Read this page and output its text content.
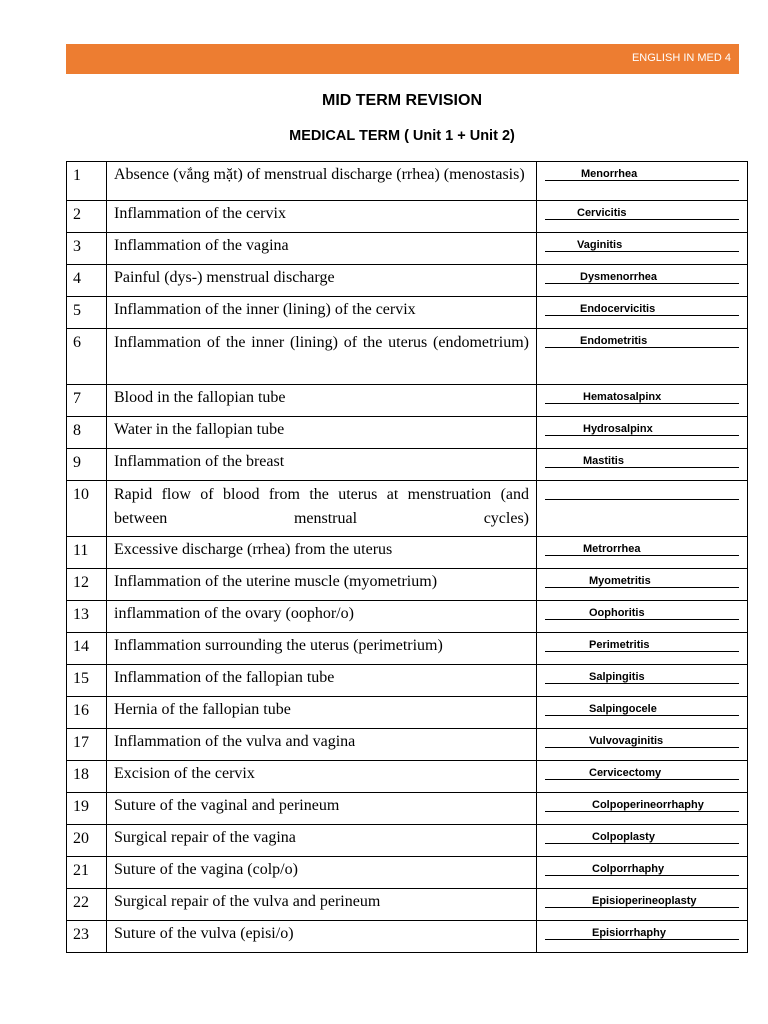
ENGLISH IN MED 4
MID TERM REVISION
MEDICAL TERM ( Unit 1 + Unit 2)
1	Absence (vắng mặt) of menstrual discharge (rrhea) (menostasis)	Menorrhea

2	Inflammation of the cervix	Cervicitis

3	Inflammation of the vagina	Vaginitis

4	Painful (dys-) menstrual discharge	Dysmenorrhea

5	Inflammation of the inner (lining) of the cervix	Endocervicitis

6	Inflammation of the inner (lining) of the uterus (endometrium)	Endometritis

7	Blood in the fallopian tube	Hematosalpinx

8	Water in the fallopian tube	Hydrosalpinx

9	Inflammation of the breast	Mastitis

10	Rapid flow of blood from the uterus at menstruation (and between menstrual cycles)	

11	Excessive discharge (rrhea) from the uterus	Metrorrhea

12	Inflammation of the uterine muscle (myometrium)	Myometritis

13	inflammation of the ovary (oophor/o)	Oophoritis

14	Inflammation surrounding the uterus (perimetrium)	Perimetritis

15	Inflammation of the fallopian tube	Salpingitis

16	Hernia of the fallopian tube	Salpingocele

17	Inflammation of the vulva and vagina	Vulvovaginitis

18	Excision of the cervix	Cervicectomy

19	Suture of the vaginal and perineum	Colpoperineorrhaphy

20	Surgical repair of the vagina	Colpoplasty

21	Suture of the vagina (colp/o)	Colporrhaphy

22	Surgical repair of the vulva and perineum	Episioperineoplasty

23	Suture of the vulva (episi/o)	Episiorrhaphy
